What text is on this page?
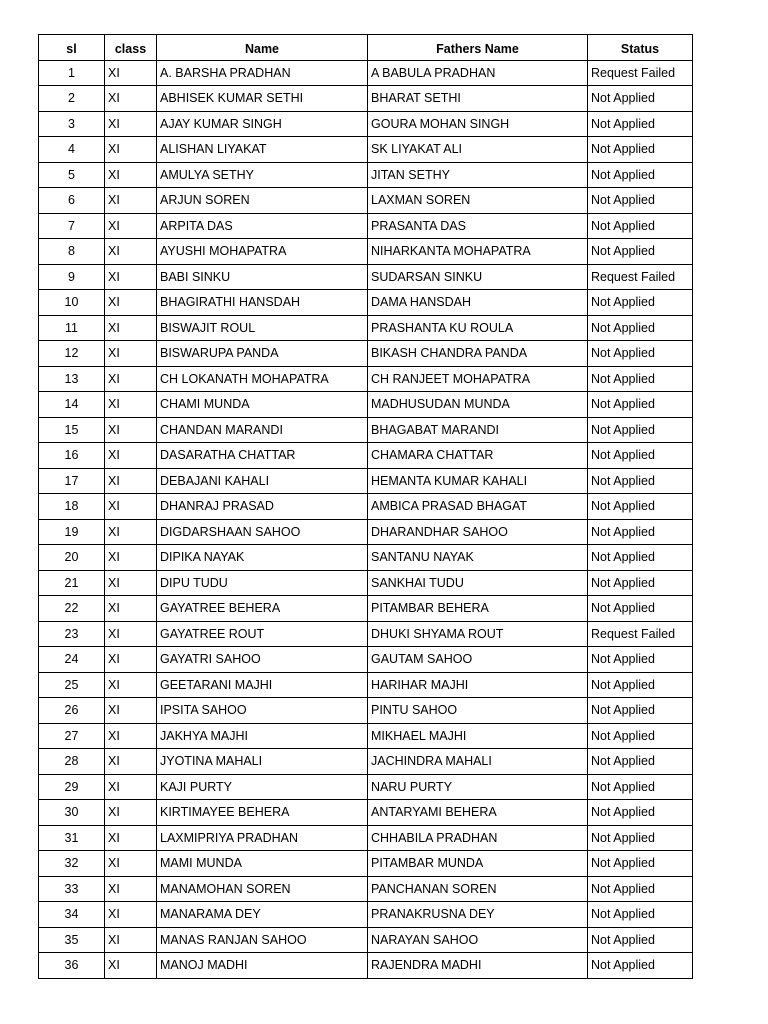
sl	class	Name	Fathers Name	Status
1	XI	A. BARSHA PRADHAN	A BABULA PRADHAN	Request Failed
2	XI	ABHISEK KUMAR SETHI	BHARAT SETHI	Not Applied
3	XI	AJAY KUMAR SINGH	GOURA MOHAN SINGH	Not Applied
4	XI	ALISHAN LIYAKAT	SK LIYAKAT ALI	Not Applied
5	XI	AMULYA SETHY	JITAN SETHY	Not Applied
6	XI	ARJUN SOREN	LAXMAN SOREN	Not Applied
7	XI	ARPITA DAS	PRASANTA DAS	Not Applied
8	XI	AYUSHI MOHAPATRA	NIHARKANTA MOHAPATRA	Not Applied
9	XI	BABI SINKU	SUDARSAN SINKU	Request Failed
10	XI	BHAGIRATHI HANSDAH	DAMA HANSDAH	Not Applied
11	XI	BISWAJIT ROUL	PRASHANTA KU ROULA	Not Applied
12	XI	BISWARUPA PANDA	BIKASH CHANDRA PANDA	Not Applied
13	XI	CH LOKANATH MOHAPATRA	CH RANJEET MOHAPATRA	Not Applied
14	XI	CHAMI MUNDA	MADHUSUDAN MUNDA	Not Applied
15	XI	CHANDAN MARANDI	BHAGABAT MARANDI	Not Applied
16	XI	DASARATHA CHATTAR	CHAMARA CHATTAR	Not Applied
17	XI	DEBAJANI KAHALI	HEMANTA KUMAR KAHALI	Not Applied
18	XI	DHANRAJ PRASAD	AMBICA PRASAD BHAGAT	Not Applied
19	XI	DIGDARSHAAN SAHOO	DHARANDHAR SAHOO	Not Applied
20	XI	DIPIKA NAYAK	SANTANU NAYAK	Not Applied
21	XI	DIPU TUDU	SANKHAI TUDU	Not Applied
22	XI	GAYATREE BEHERA	PITAMBAR BEHERA	Not Applied
23	XI	GAYATREE ROUT	DHUKI SHYAMA ROUT	Request Failed
24	XI	GAYATRI SAHOO	GAUTAM SAHOO	Not Applied
25	XI	GEETARANI MAJHI	HARIHAR MAJHI	Not Applied
26	XI	IPSITA SAHOO	PINTU SAHOO	Not Applied
27	XI	JAKHYA MAJHI	MIKHAEL MAJHI	Not Applied
28	XI	JYOTINA MAHALI	JACHINDRA MAHALI	Not Applied
29	XI	KAJI PURTY	NARU PURTY	Not Applied
30	XI	KIRTIMAYEE BEHERA	ANTARYAMI BEHERA	Not Applied
31	XI	LAXMIPRIYA PRADHAN	CHHABILA PRADHAN	Not Applied
32	XI	MAMI MUNDA	PITAMBAR MUNDA	Not Applied
33	XI	MANAMOHAN SOREN	PANCHANAN SOREN	Not Applied
34	XI	MANARAMA DEY	PRANAKRUSNA DEY	Not Applied
35	XI	MANAS RANJAN SAHOO	NARAYAN SAHOO	Not Applied
36	XI	MANOJ MADHI	RAJENDRA MADHI	Not Applied
